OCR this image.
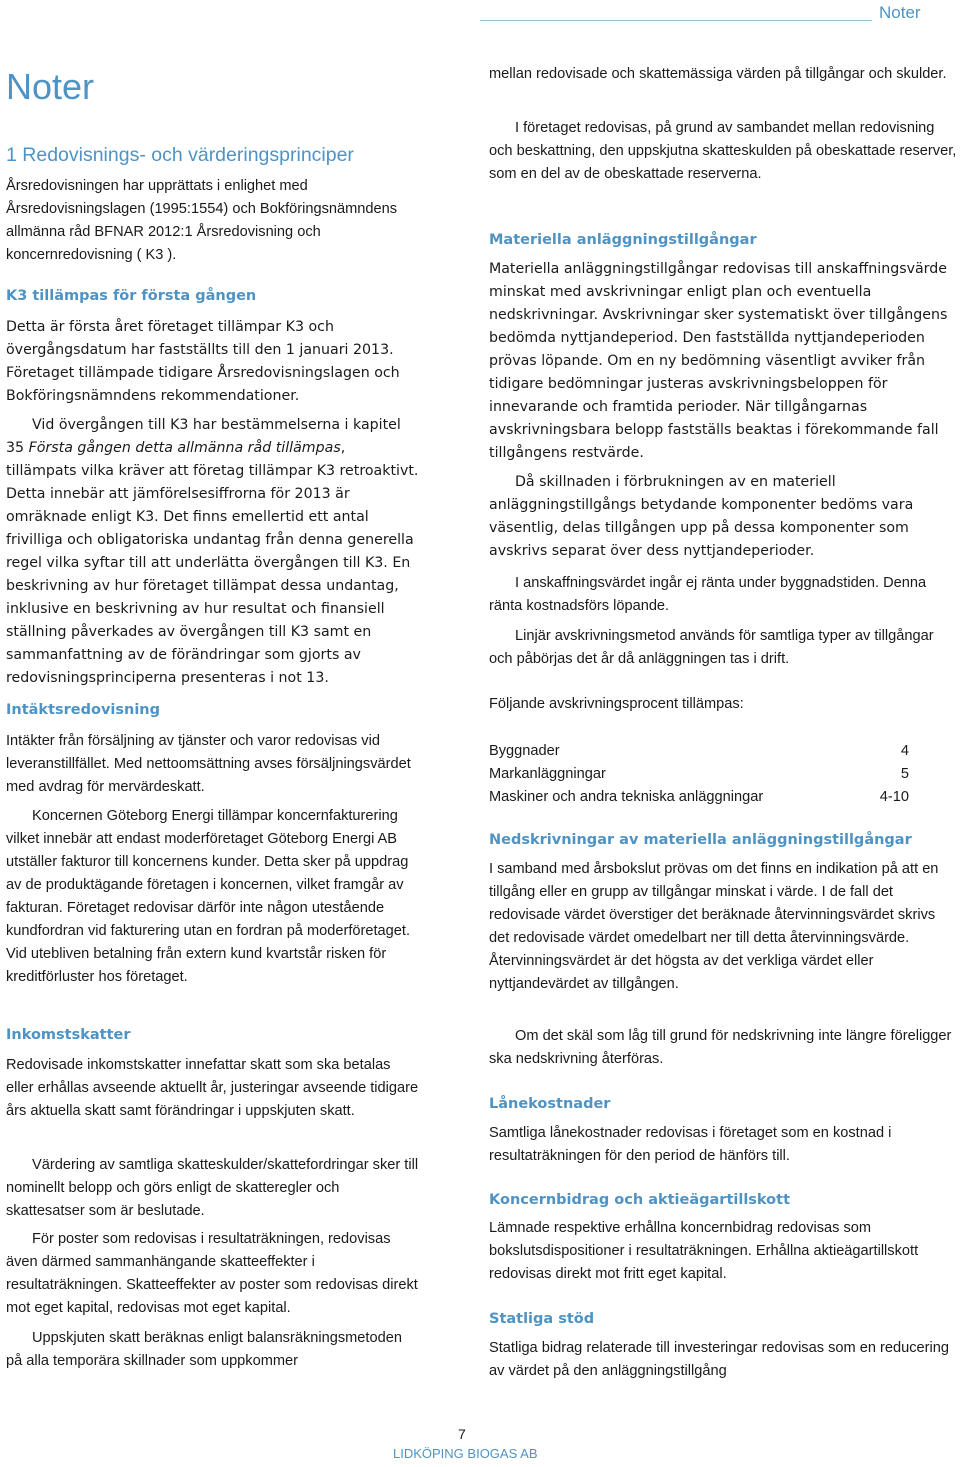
Noter
Noter
1 Redovisnings- och värderingsprinciper

Årsredovisningen har upprättats i enlighet med Årsredovisningslagen (1995:1554) och Bokföringsnämndens allmänna råd BFNAR 2012:1 Årsredovisning och koncernredovisning ( K3 ).

K3 tillämpas för första gången

Detta är första året företaget tillämpar K3 och övergångsdatum har fastställts till den 1 januari 2013. Företaget tillämpade tidigare Årsredovisningslagen och Bokföringsnämndens rekommendationer.

Vid övergången till K3 har bestämmelserna i kapitel 35 Första gången detta allmänna råd tillämpas, tillämpats vilka kräver att företag tillämpar K3 retroaktivt. Detta innebär att jämförelsesiffrorna för 2013 är omräknade enligt K3. Det finns emellertid ett antal frivilliga och obligatoriska undantag från denna generella regel vilka syftar till att underlätta övergången till K3. En beskrivning av hur företaget tillämpat dessa undantag, inklusive en beskrivning av hur resultat och finansiell ställning påverkades av övergången till K3 samt en sammanfattning av de förändringar som gjorts av redovisningsprinciperna presenteras i not 13.

Intäktsredovisning

Intäkter från försäljning av tjänster och varor redovisas vid leveranstillfället. Med nettoomsättning avses försäljningsvärdet med avdrag för mervärdeskatt.

Koncernen Göteborg Energi tillämpar koncernfakturering vilket innebär att endast moderföretaget Göteborg Energi AB utställer fakturor till koncernens kunder. Detta sker på uppdrag av de produktägande företagen i koncernen, vilket framgår av fakturan. Företaget redovisar därför inte någon utestående kundfordran vid fakturering utan en fordran på moderföretaget. Vid utebliven betalning från extern kund kvartstår risken för kreditförluster hos företaget.

Inkomstskatter

Redovisade inkomstskatter innefattar skatt som ska betalas eller erhållas avseende aktuellt år, justeringar avseende tidigare års aktuella skatt samt förändringar i uppskjuten skatt.

Värdering av samtliga skatteskulder/skattefordringar sker till nominellt belopp och görs enligt de skatteregler och skattesatser som är beslutade.

För poster som redovisas i resultaträkningen, redovisas även därmed sammanhängande skatteeffekter i resultaträkningen. Skatteeffekter av poster som redovisas direkt mot eget kapital, redovisas mot eget kapital.

Uppskjuten skatt beräknas enligt balansräkningsmetoden på alla temporära skillnader som uppkommer

mellan redovisade och skattemässiga värden på tillgångar och skulder.

I företaget redovisas, på grund av sambandet mellan redovisning och beskattning, den uppskjutna skatteskulden på obeskattade reserver, som en del av de obeskattade reserverna.

Materiella anläggningstillgångar

Materiella anläggningstillgångar redovisas till anskaffningsvärde minskat med avskrivningar enligt plan och eventuella nedskrivningar. Avskrivningar sker systematiskt över tillgångens bedömda nyttjandeperiod. Den fastställda nyttjandeperioden prövas löpande. Om en ny bedömning väsentligt avviker från tidigare bedömningar justeras avskrivningsbeloppen för innevarande och framtida perioder. När tillgångarnas avskrivningsbara belopp fastställs beaktas i förekommande fall tillgångens restvärde.

Då skillnaden i förbrukningen av en materiell anläggningstillgångs betydande komponenter bedöms vara väsentlig, delas tillgången upp på dessa komponenter som avskrivs separat över dess nyttjandeperioder.

I anskaffningsvärdet ingår ej ränta under byggnadstiden. Denna ränta kostnadsförs löpande.

Linjär avskrivningsmetod används för samtliga typer av tillgångar och påbörjas det år då anläggningen tas i drift.

Följande avskrivningsprocent tillämpas:

Byggnader	4
Markanläggningar	5
Maskiner och andra tekniska anläggningar	4-10
Nedskrivningar av materiella anläggningstillgångar

I samband med årsbokslut prövas om det finns en indikation på att en tillgång eller en grupp av tillgångar minskat i värde. I de fall det redovisade värdet överstiger det beräknade återvinningsvärdet skrivs det redovisade värdet omedelbart ner till detta återvinningsvärde. Återvinningsvärdet är det högsta av det verkliga värdet eller nyttjandevärdet av tillgången.

Om det skäl som låg till grund för nedskrivning inte längre föreligger ska nedskrivning återföras.

Lånekostnader

Samtliga lånekostnader redovisas i företaget som en kostnad i resultaträkningen för den period de hänförs till.

Koncernbidrag och aktieägartillskott

Lämnade respektive erhållna koncernbidrag redovisas som bokslutsdispositioner i resultaträkningen. Erhållna aktieägartillskott redovisas direkt mot fritt eget kapital.

Statliga stöd

Statliga bidrag relaterade till investeringar redovisas som en reducering av värdet på den anläggningstillgång

7
LIDKÖPING BIOGAS AB
